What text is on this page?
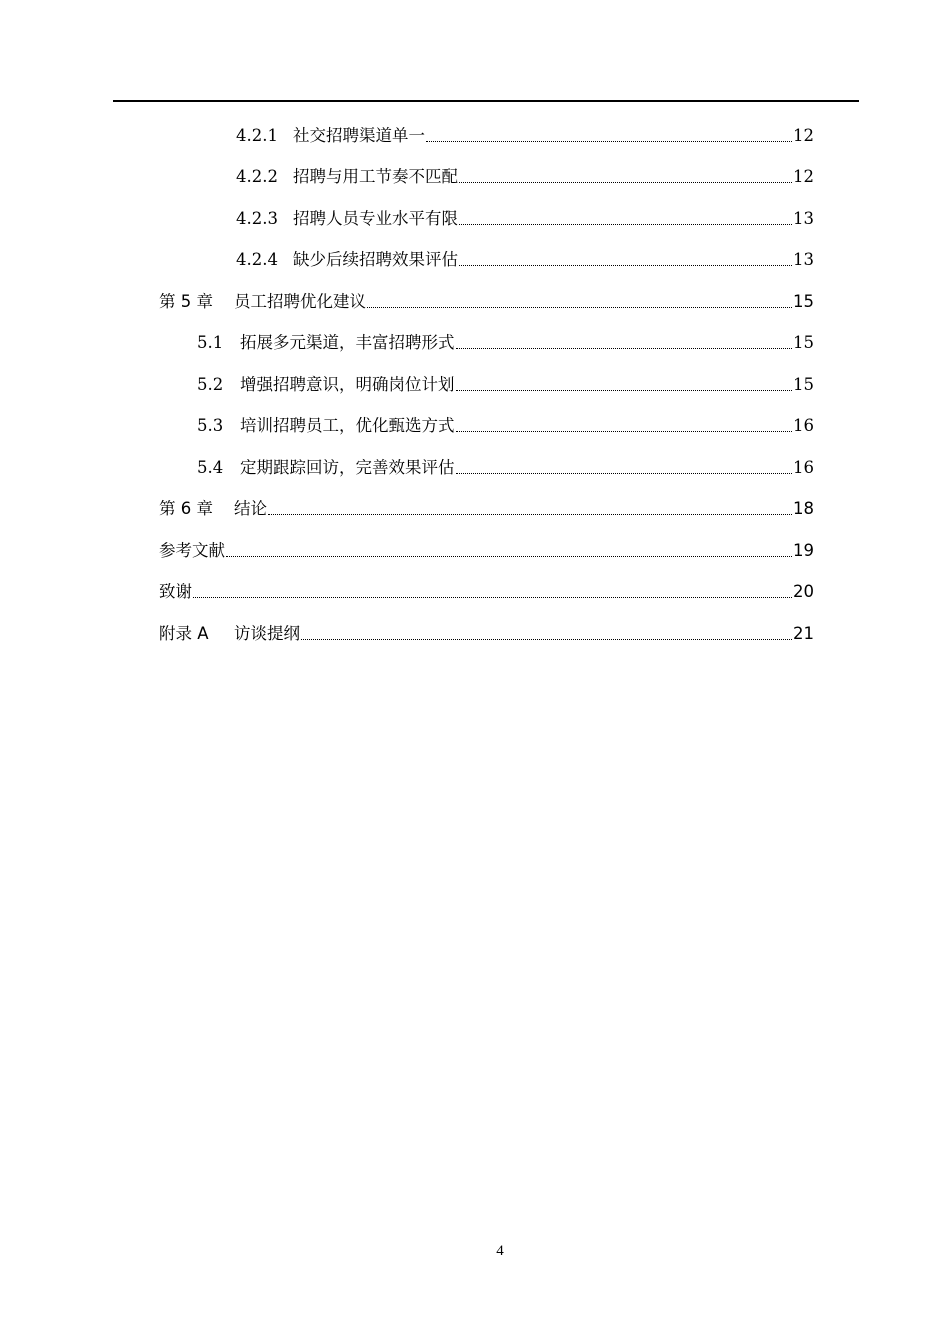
4.2.1 社交招聘渠道单一	12
4.2.2 招聘与用工节奏不匹配	12
4.2.3 招聘人员专业水平有限	13
4.2.4 缺少后续招聘效果评估	13
第 5 章	员工招聘优化建议	15
5.1	拓展多元渠道，丰富招聘形式	15
5.2	增强招聘意识，明确岗位计划	15
5.3	培训招聘员工，优化甄选方式	16
5.4	定期跟踪回访，完善效果评估	16
第 6 章	结论	18
参考文献	19
致谢	20
附录 A	访谈提纲	21
4
